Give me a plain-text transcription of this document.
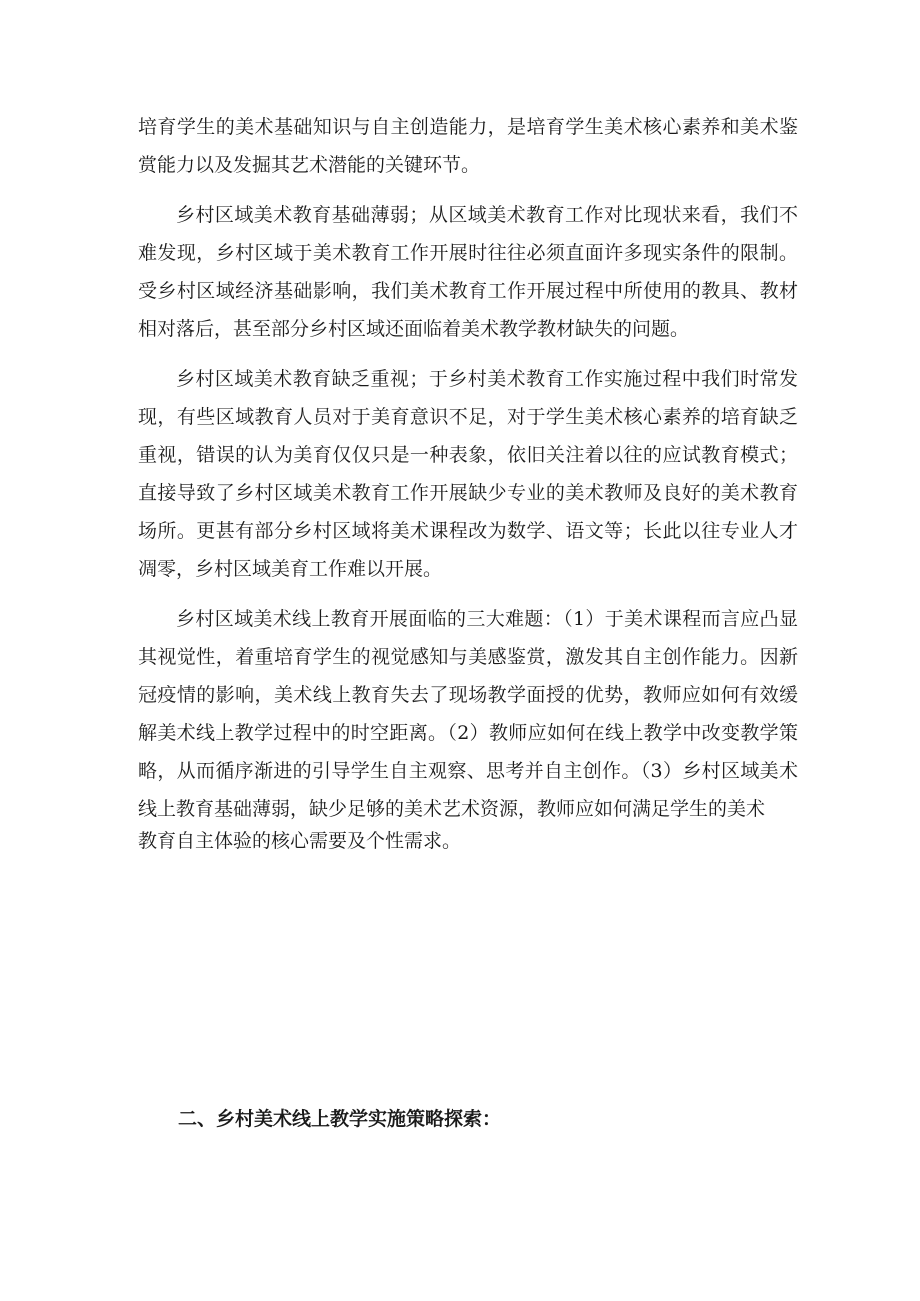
培育学生的美术基础知识与自主创造能力，是培育学生美术核心素养和美术鉴赏能力以及发掘其艺术潜能的关键环节。

乡村区域美术教育基础薄弱；从区域美术教育工作对比现状来看，我们不难发现，乡村区域于美术教育工作开展时往往必须直面许多现实条件的限制。受乡村区域经济基础影响，我们美术教育工作开展过程中所使用的教具、教材相对落后，甚至部分乡村区域还面临着美术教学教材缺失的问题。

乡村区域美术教育缺乏重视；于乡村美术教育工作实施过程中我们时常发现，有些区域教育人员对于美育意识不足，对于学生美术核心素养的培育缺乏重视，错误的认为美育仅仅只是一种表象，依旧关注着以往的应试教育模式；直接导致了乡村区域美术教育工作开展缺少专业的美术教师及良好的美术教育场所。更甚有部分乡村区域将美术课程改为数学、语文等；长此以往专业人才凋零，乡村区域美育工作难以开展。

乡村区域美术线上教育开展面临的三大难题：（1）于美术课程而言应凸显其视觉性，着重培育学生的视觉感知与美感鉴赏，激发其自主创作能力。因新冠疫情的影响，美术线上教育失去了现场教学面授的优势，教师应如何有效缓解美术线上教学过程中的时空距离。（2）教师应如何在线上教学中改变教学策略，从而循序渐进的引导学生自主观察、思考并自主创作。（3）乡村区域美术线上教育基础薄弱，缺少足够的美术艺术资源，教师应如何满足学生的美术

教育自主体验的核心需要及个性需求。

二、乡村美术线上教学实施策略探索：
